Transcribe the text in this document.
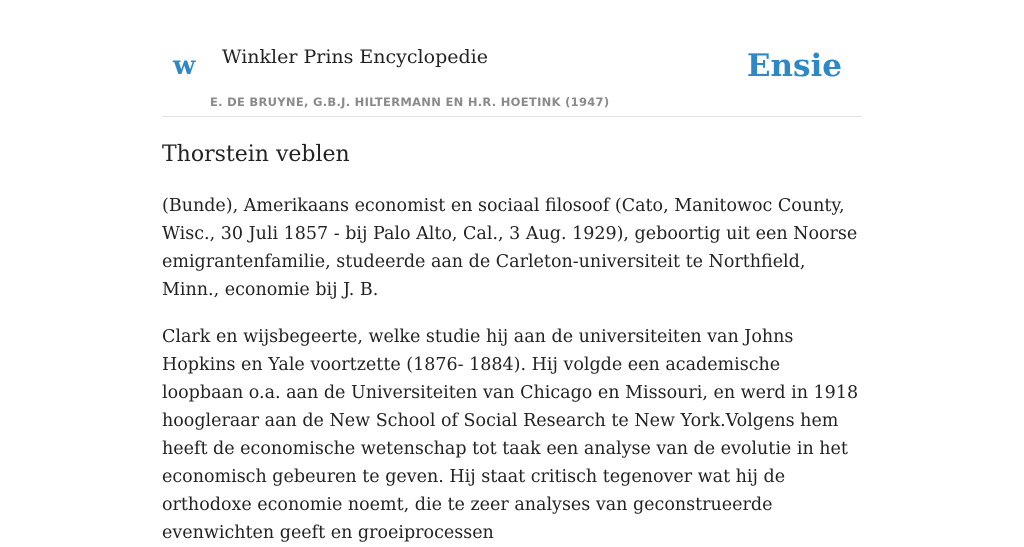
w Winkler Prins Encyclopedie
E. DE BRUYNE, G.B.J. HILTERMANN EN H.R. HOETINK (1947)
Ensie
Thorstein veblen

(Bunde), Amerikaans economist en sociaal filosoof (Cato, Manitowoc County, Wisc., 30 Juli 1857 - bij Palo Alto, Cal., 3 Aug. 1929), geboortig uit een Noorse emigrantenfamilie, studeerde aan de Carleton-universiteit te Northfield, Minn., economie bij J. B.

Clark en wijsbegeerte, welke studie hij aan de universiteiten van Johns Hopkins en Yale voortzette (1876- 1884). Hij volgde een academische loopbaan o.a. aan de Universiteiten van Chicago en Missouri, en werd in 1918 hoogleraar aan de New School of Social Research te New York.Volgens hem heeft de economische wetenschap tot taak een analyse van de evolutie in het economisch gebeuren te geven. Hij staat critisch tegenover wat hij de orthodoxe economie noemt, die te zeer analyses van geconstrueerde evenwichten geeft en groeiprocessen
